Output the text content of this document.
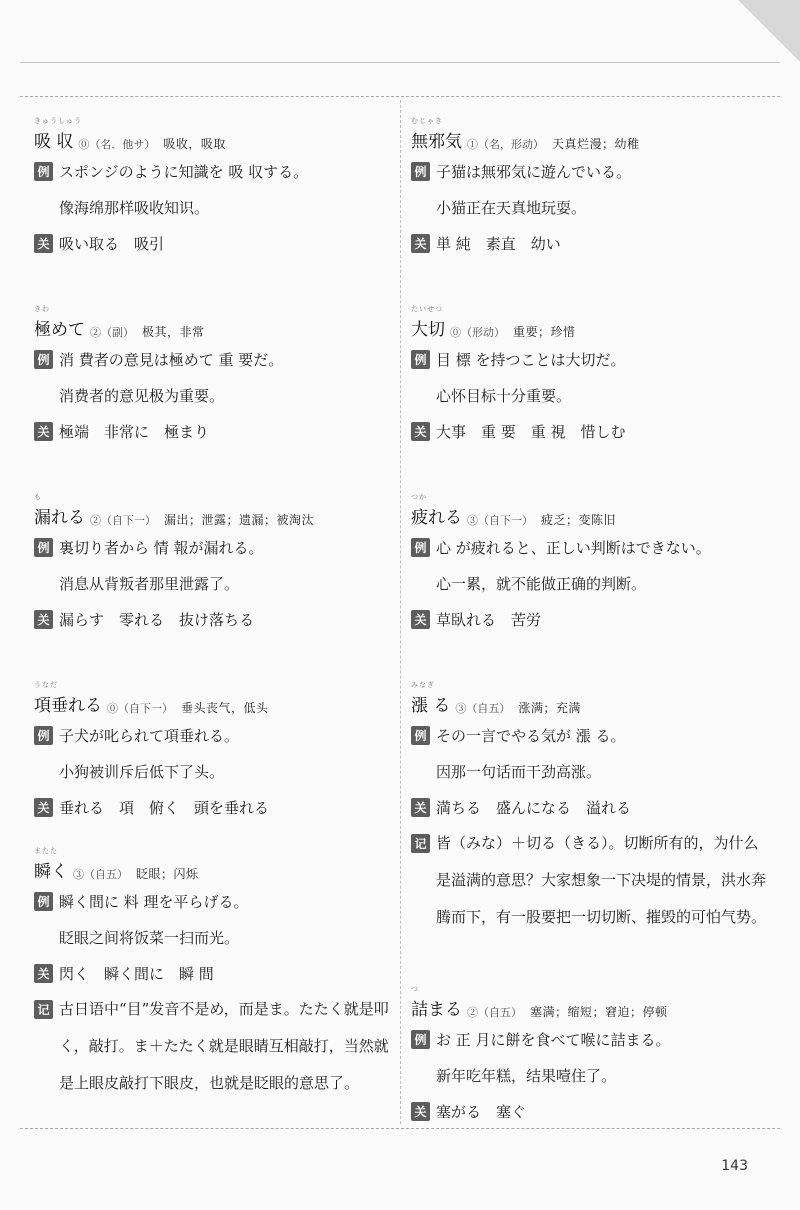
きゅうしゅう
吸 収 ⓪（名．他サ） 吸收，吸取
例 スポンジのように知識を 吸 収する。
像海绵那样吸收知识。
关 吸い取る　吸引
きわ
極めて ②（副） 极其，非常
例 消 費者の意見は極めて 重 要だ。
消费者的意见极为重要。
关 極端　非常に　極まり
も
漏れる ②（自下一） 漏出；泄露；遗漏；被淘汰
例 裏切り者から 情 報が漏れる。
消息从背叛者那里泄露了。
关 漏らす　零れる　抜け落ちる
うなだ
項垂れる ⓪（自下一） 垂头丧气，低头
例 子犬が叱られて項垂れる。
小狗被训斥后低下了头。
关 垂れる　項　俯く　頭を垂れる
またた
瞬く ③（自五） 眨眼；闪烁
例 瞬く間に 料 理を平らげる。
眨眼之间将饭菜一扫而光。
关 閃く　瞬く間に　瞬 間
记 古日语中“目”发音不是め，而是ま。たたく就是叩く，敲打。ま＋たたく就是眼睛互相敲打，当然就是上眼皮敲打下眼皮，也就是眨眼的意思了。
むじゃき
無邪気 ①（名，形动） 天真烂漫；幼稚
例 子猫は無邪気に遊んでいる。
小猫正在天真地玩耍。
关 単 純　素直　幼い
たいせつ
大切 ⓪（形动） 重要；珍惜
例 目 標 を持つことは大切だ。
心怀目标十分重要。
关 大事　重 要　重 視　惜しむ
つか
疲れる ③（自下一） 疲乏；变陈旧
例 心 が疲れると、正しい判断はできない。
心一累，就不能做正确的判断。
关 草臥れる　苦労
みなぎ
漲 る ③（自五） 涨满；充满
例 その一言でやる気が 漲 る。
因那一句话而干劲高涨。
关 満ちる　盛んになる　溢れる
记 皆（みな）＋切る（きる）。切断所有的，为什么是溢满的意思？大家想象一下决堤的情景，洪水奔腾而下，有一股要把一切切断、摧毁的可怕气势。
つ
詰まる ②（自五） 塞满；缩短；窘迫；停顿
例 お 正 月に餅を食べて喉に詰まる。
新年吃年糕，结果噎住了。
关 塞がる　塞ぐ
143
